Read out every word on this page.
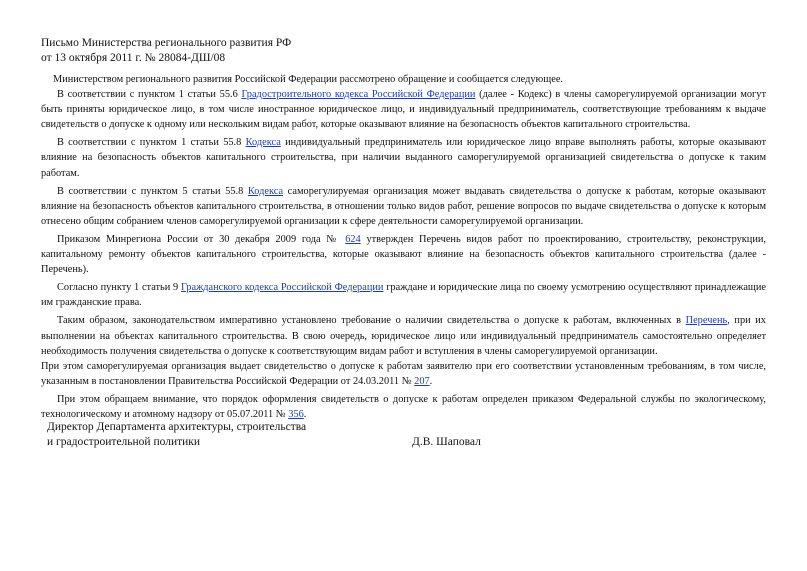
Письмо Министерства регионального развития РФ
от 13 октября 2011 г. № 28084-ДШ/08

Министерством регионального развития Российской Федерации рассмотрено обращение и сообщается следующее.

В соответствии с пунктом 1 статьи 55.6 Градостроительного кодекса Российской Федерации (далее - Кодекс) в члены саморегулируемой организации могут быть приняты юридическое лицо, в том числе иностранное юридическое лицо, и индивидуальный предприниматель, соответствующие требованиям к выдаче свидетельств о допуске к одному или нескольким видам работ, которые оказывают влияние на безопасность объектов капитального строительства.

В соответствии с пунктом 1 статьи 55.8 Кодекса индивидуальный предприниматель или юридическое лицо вправе выполнять работы, которые оказывают влияние на безопасность объектов капитального строительства, при наличии выданного саморегулируемой организацией свидетельства о допуске к таким работам.

В соответствии с пунктом 5 статьи 55.8 Кодекса саморегулируемая организация может выдавать свидетельства о допуске к работам, которые оказывают влияние на безопасность объектов капитального строительства, в отношении только видов работ, решение вопросов по выдаче свидетельства о допуске к которым отнесено общим собранием членов саморегулируемой организации к сфере деятельности саморегулируемой организации.

Приказом Минрегиона России от 30 декабря 2009 года № 624 утвержден Перечень видов работ по проектированию, строительству, реконструкции, капитальному ремонту объектов капитального строительства, которые оказывают влияние на безопасность объектов капитального строительства (далее - Перечень).

Согласно пункту 1 статьи 9 Гражданского кодекса Российской Федерации граждане и юридические лица по своему усмотрению осуществляют принадлежащие им гражданские права.

Таким образом, законодательством императивно установлено требование о наличии свидетельства о допуске к работам, включенных в Перечень, при их выполнении на объектах капитального строительства. В свою очередь, юридическое лицо или индивидуальный предприниматель самостоятельно определяет необходимость получения свидетельства о допуске к соответствующим видам работ и вступления в члены саморегулируемой организации.

При этом саморегулируемая организация выдает свидетельство о допуске к работам заявителю при его соответствии установленным требованиям, в том числе, указанным в постановлении Правительства Российской Федерации от 24.03.2011 № 207.

При этом обращаем внимание, что порядок оформления свидетельств о допуске к работам определен приказом Федеральной службы по экологическому, технологическому и атомному надзору от 05.07.2011 № 356.

Директор Департамента архитектуры, строительства
и градостроительной политики	Д.В. Шаповал
